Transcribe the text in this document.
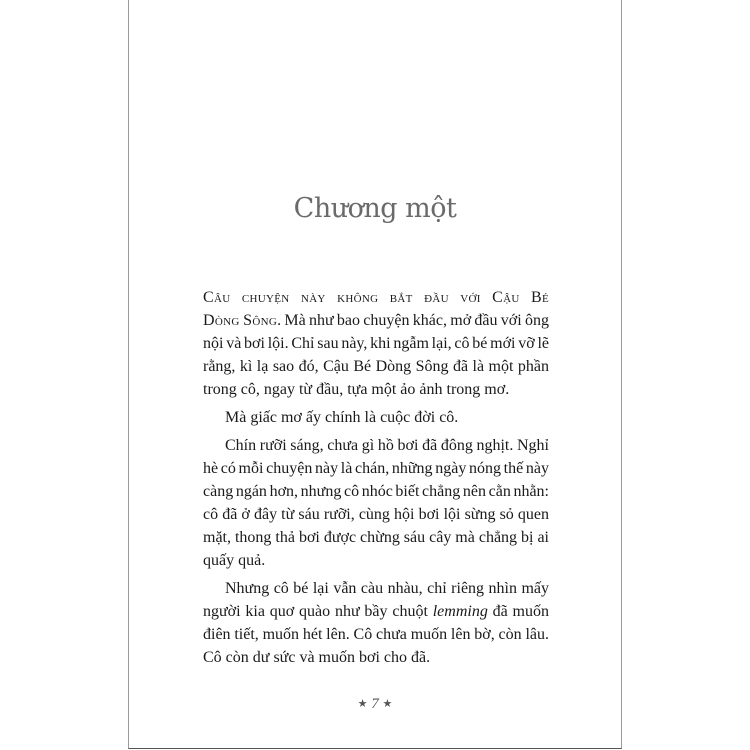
Chương một
Câu chuyện này không bắt đầu với Cậu Bé
Dòng Sông. Mà như bao chuyện khác, mở đầu với ông
nội và bơi lội. Chỉ sau này, khi ngẫm lại, cô bé mới vỡ lẽ
rằng, kì lạ sao đó, Cậu Bé Dòng Sông đã là một phần
trong cô, ngay từ đầu, tựa một ảo ảnh trong mơ.
Mà giấc mơ ấy chính là cuộc đời cô.
Chín rưỡi sáng, chưa gì hồ bơi đã đông nghịt. Nghỉ
hè có mỗi chuyện này là chán, những ngày nóng thế này
càng ngán hơn, nhưng cô nhóc biết chẳng nên cằn nhằn:
cô đã ở đây từ sáu rưỡi, cùng hội bơi lội sừng sỏ quen
mặt, thong thả bơi được chừng sáu cây mà chẳng bị ai
quấy quả.
Nhưng cô bé lại vẫn càu nhàu, chỉ riêng nhìn mấy
người kia quơ quào như bầy chuột lemming đã muốn
điên tiết, muốn hét lên. Cô chưa muốn lên bờ, còn lâu.
Cô còn dư sức và muốn bơi cho đã.
★ 7 ★
